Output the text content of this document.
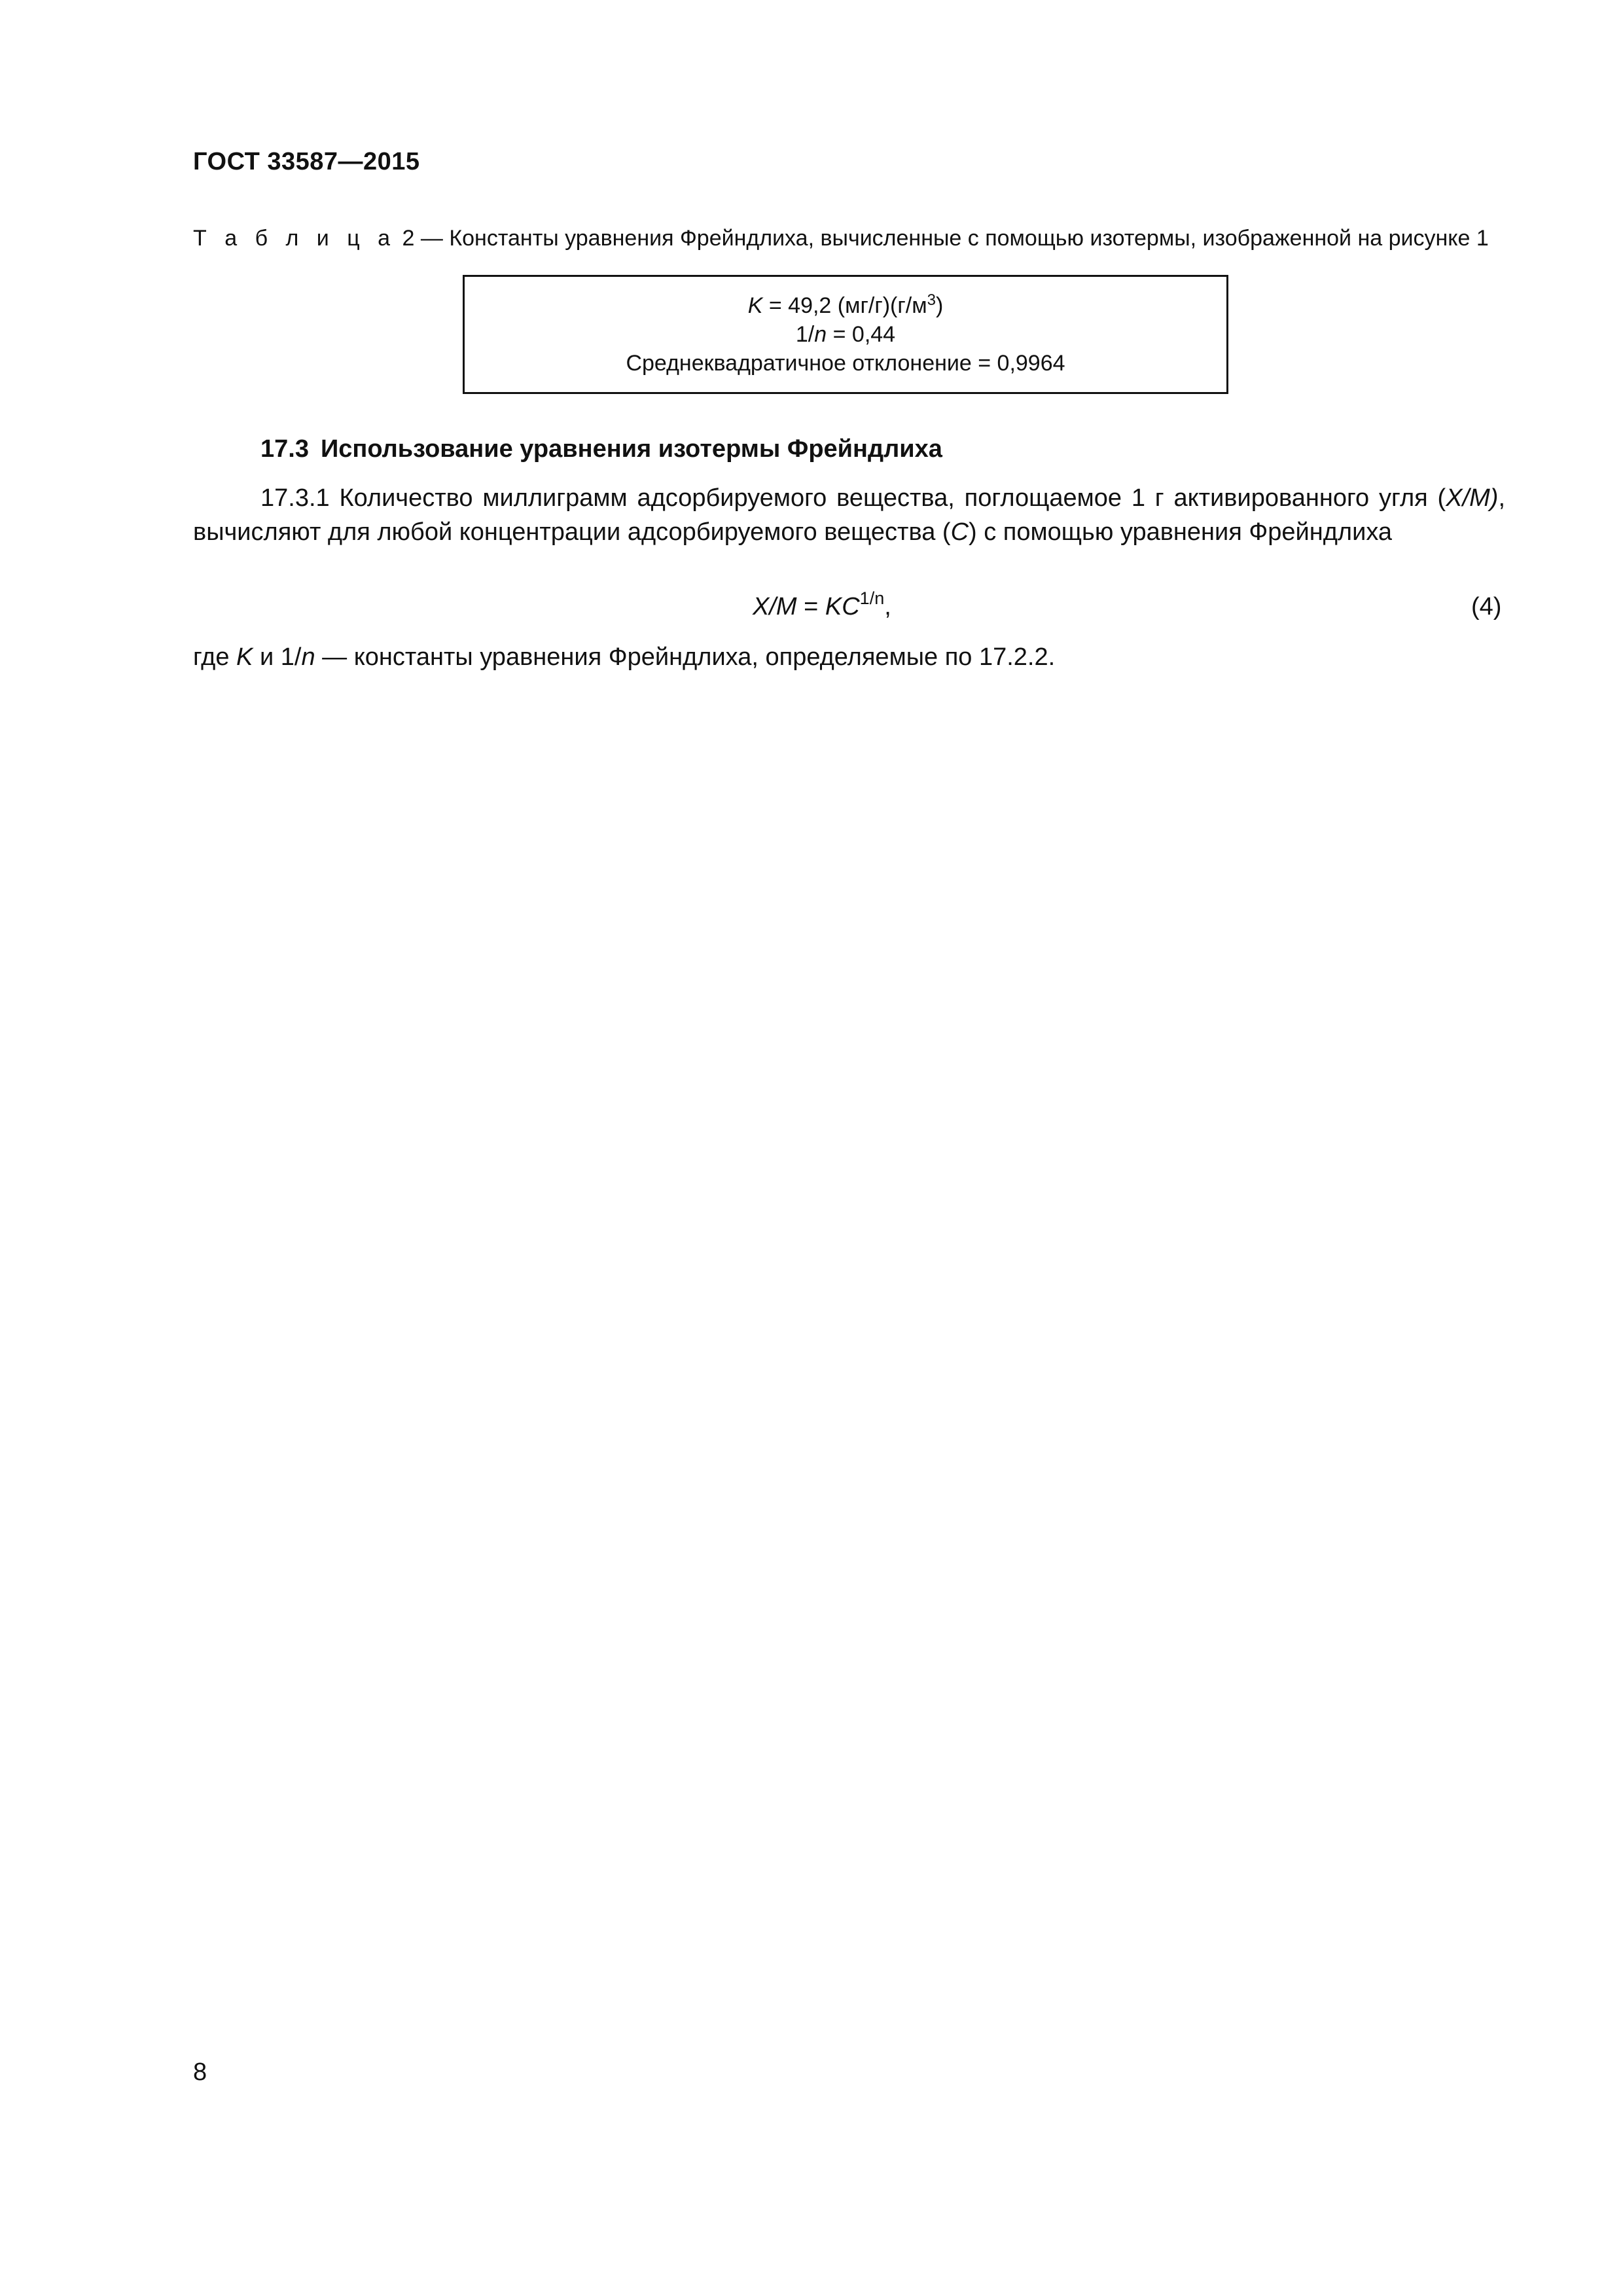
ГОСТ 33587—2015
Т а б л и ц а 2 — Константы уравнения Фрейндлиха, вычисленные с помощью изотермы, изображенной на рисунке 1
K = 49,2 $(мг/г)(г/м^3)$
1/n = 0,44
Среднеквадратичное отклонение = 0,9964
17.3 Использование уравнения изотермы Фрейндлиха
17.3.1 Количество миллиграмм адсорбируемого вещества, поглощаемое 1 г активированного угля (X/M), вычисляют для любой концентрации адсорбируемого вещества (C) с помощью уравнения Фрейндлиха
$X/M = KC^{1/n}$,	(4)
где K и 1/n — константы уравнения Фрейндлиха, определяемые по 17.2.2.
8
